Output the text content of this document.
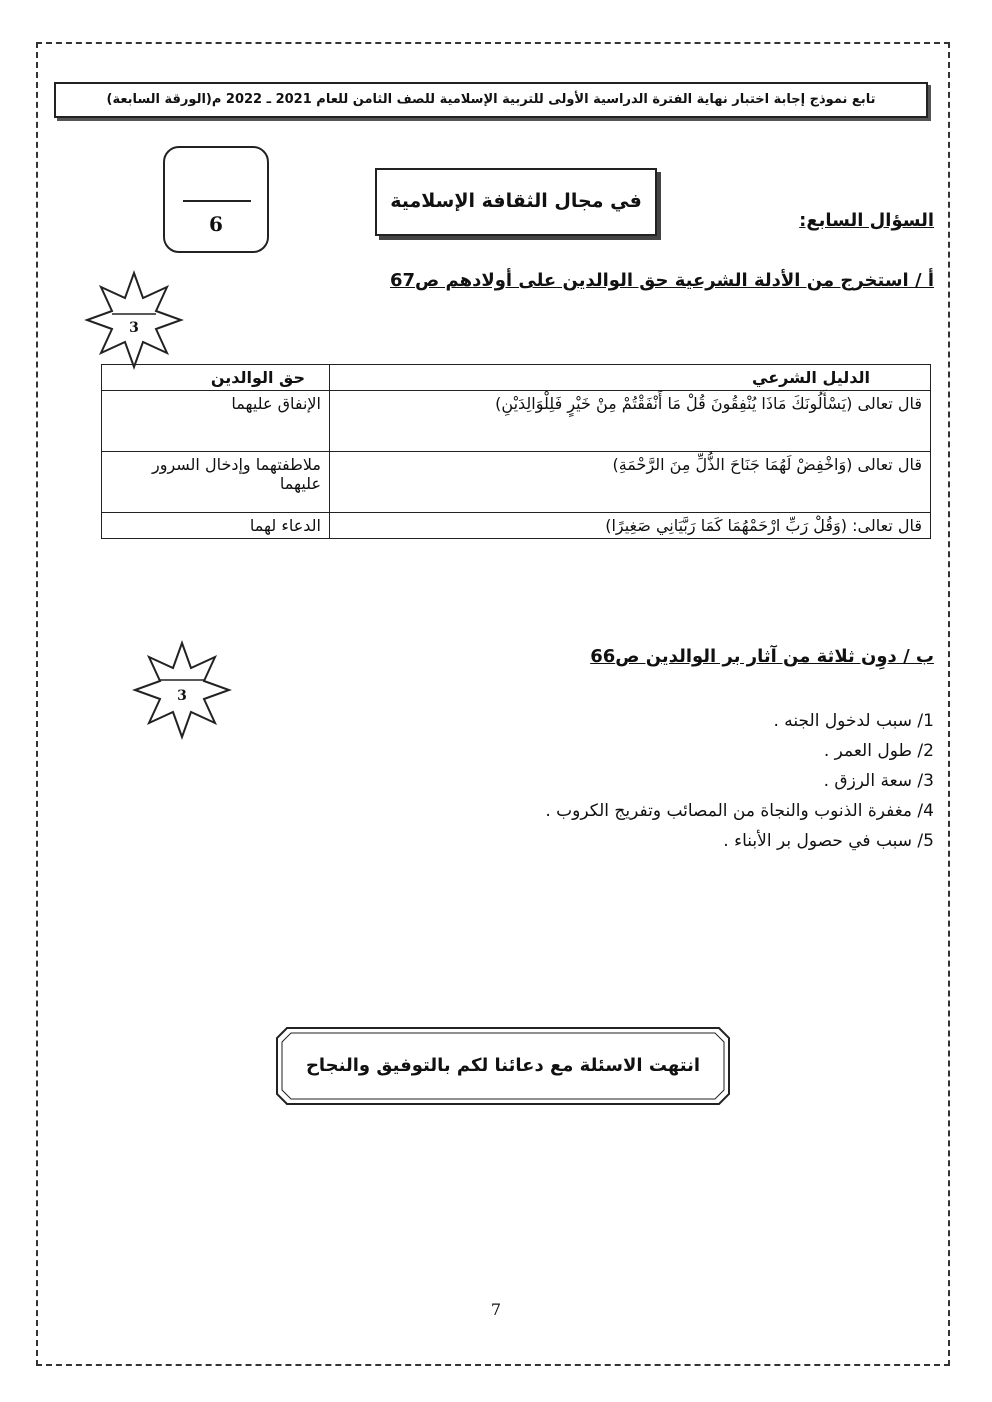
تابع نموذج إجابة اختبار نهاية الفترة الدراسية الأولى للتربية الإسلامية للصف الثامن للعام 2021 ـ 2022 م(الورقة السابعة)
6
في مجال الثقافة الإسلامية
السؤال السابع:
أ / استخرج من الأدلة الشرعية حق الوالدين على أولادهم ص67
3
الدليل الشرعي	حق الوالدين
قال تعالى (يَسْأَلُونَكَ مَاذَا يُنْفِقُونَ قُلْ مَا أَنْفَقْتُمْ مِنْ خَيْرٍ فَلِلْوَالِدَيْنِ)	الإنفاق عليهما
قال تعالى (وَاخْفِضْ لَهُمَا جَنَاحَ الذُّلِّ مِنَ الرَّحْمَةِ)	ملاطفتهما وإدخال السرور عليهما
قال تعالى: (وَقُلْ رَبِّ ارْحَمْهُمَا كَمَا رَبَّيَانِي صَغِيرًا)	الدعاء لهما
ب / دوِن ثلاثة من آثار بر الوالدين ص66
3
1/ سبب لدخول الجنه .
2/ طول العمر .
3/ سعة الرزق .
4/ مغفرة الذنوب والنجاة من المصائب وتفريج الكروب .
5/ سبب في حصول بر الأبناء .
انتهت الاسئلة مع دعائنا لكم بالتوفيق والنجاح
7
